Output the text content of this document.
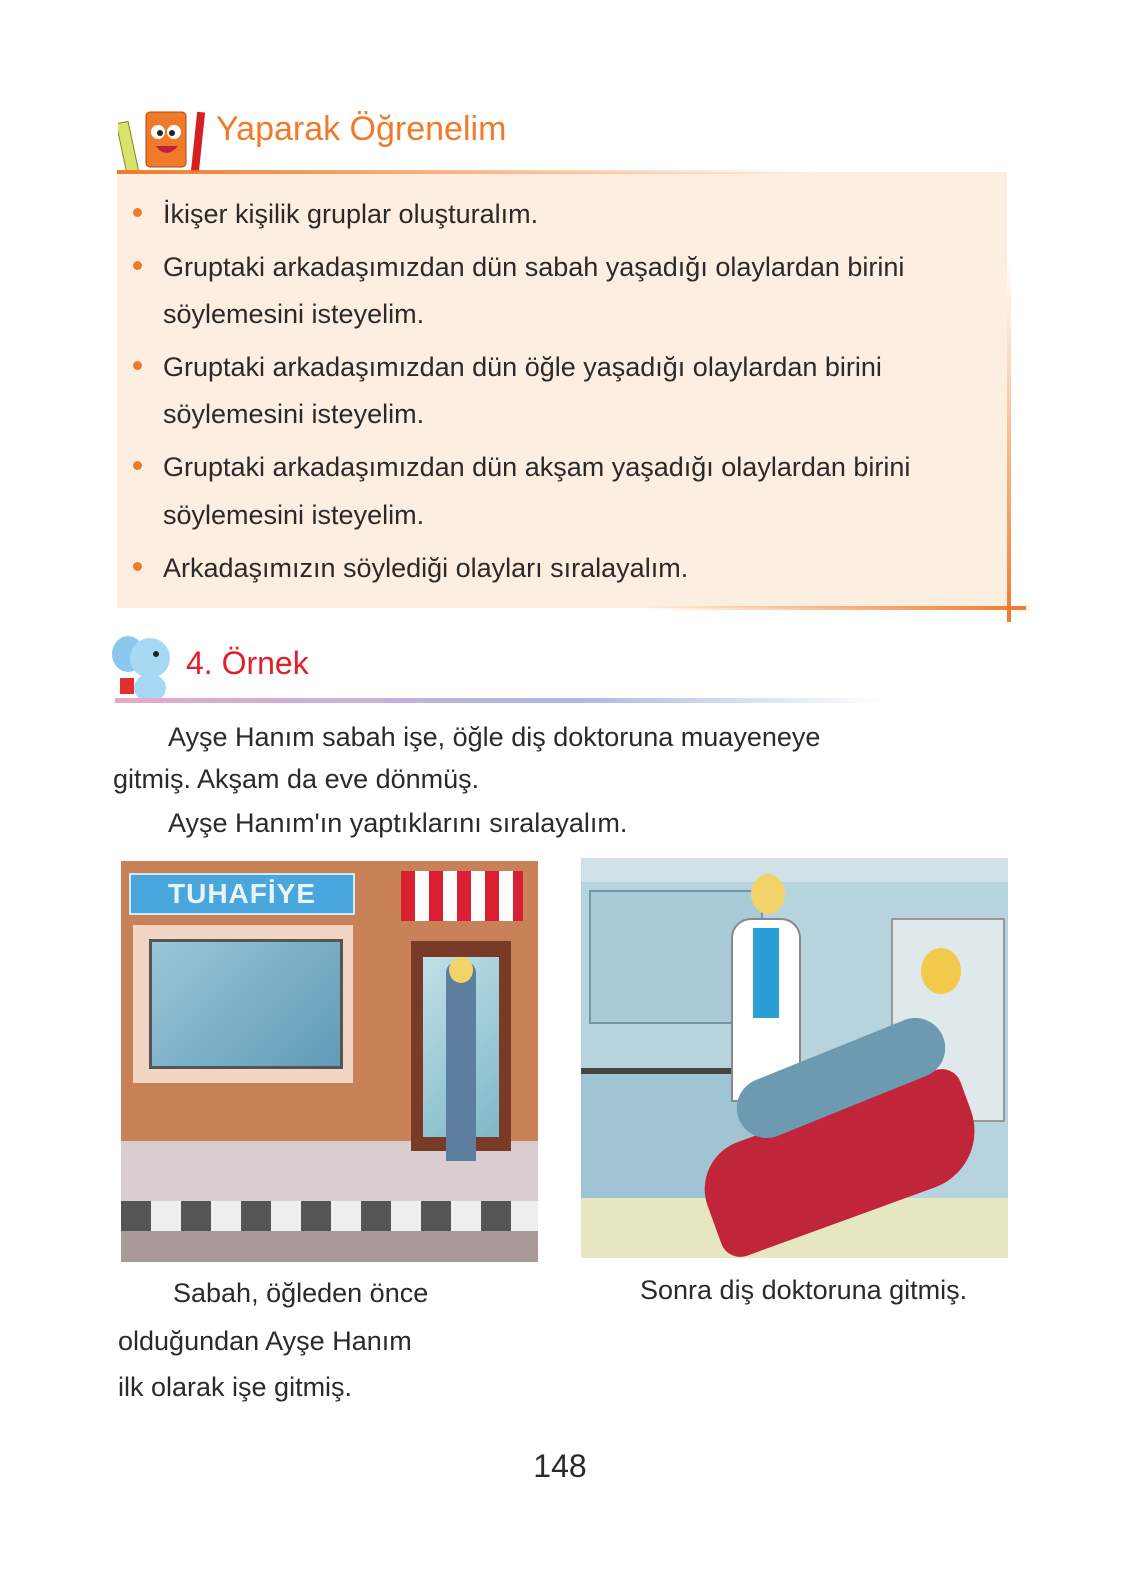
Yaparak Öğrenelim
İkişer kişilik gruplar oluşturalım.
Gruptaki arkadaşımızdan dün sabah yaşadığı olaylardan birini
söylemesini isteyelim.
Gruptaki arkadaşımızdan dün öğle yaşadığı olaylardan birini
söylemesini isteyelim.
Gruptaki arkadaşımızdan dün akşam yaşadığı olaylardan birini
söylemesini isteyelim.
Arkadaşımızın söylediği olayları sıralayalım.
4. Örnek
Ayşe Hanım sabah işe, öğle diş doktoruna muayeneye
gitmiş. Akşam da eve dönmüş.
Ayşe Hanım'ın yaptıklarını sıralayalım.
TUHAFİYE
Sabah, öğleden önce
olduğundan Ayşe Hanım
ilk olarak işe gitmiş.
Sonra diş doktoruna gitmiş.
148
